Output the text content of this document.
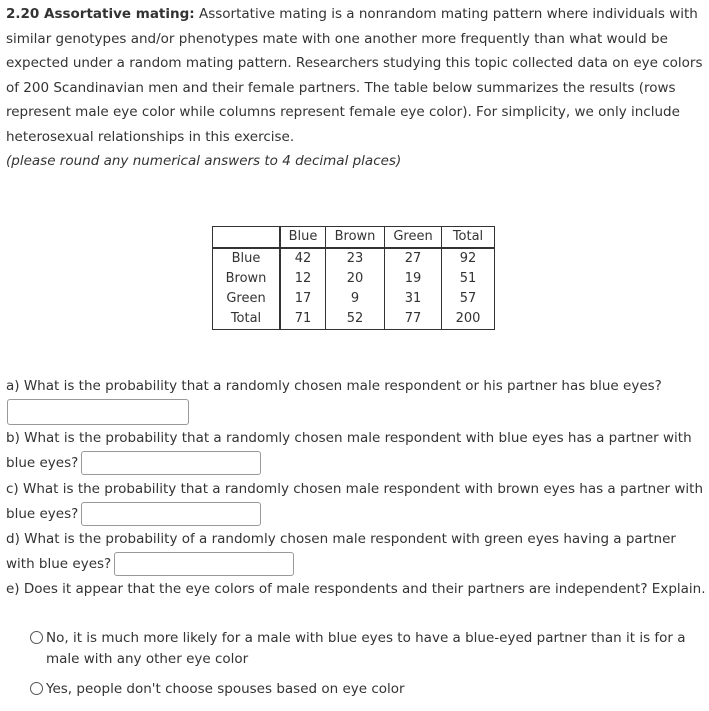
2.20 Assortative mating: Assortative mating is a nonrandom mating pattern where individuals with similar genotypes and/or phenotypes mate with one another more frequently than what would be expected under a random mating pattern. Researchers studying this topic collected data on eye colors of 200 Scandinavian men and their female partners. The table below summarizes the results (rows represent male eye color while columns represent female eye color). For simplicity, we only include heterosexual relationships in this exercise.
(please round any numerical answers to 4 decimal places)
	Blue	Brown	Green	Total
Blue	42	23	27	92
Brown	12	20	19	51
Green	17	9	31	57
Total	71	52	77	200
a) What is the probability that a randomly chosen male respondent or his partner has blue eyes?
b) What is the probability that a randomly chosen male respondent with blue eyes has a partner with blue eyes?
c) What is the probability that a randomly chosen male respondent with brown eyes has a partner with blue eyes?
d) What is the probability of a randomly chosen male respondent with green eyes having a partner with blue eyes?
e) Does it appear that the eye colors of male respondents and their partners are independent? Explain.
No, it is much more likely for a male with blue eyes to have a blue-eyed partner than it is for a male with any other eye color
Yes, people don't choose spouses based on eye color
